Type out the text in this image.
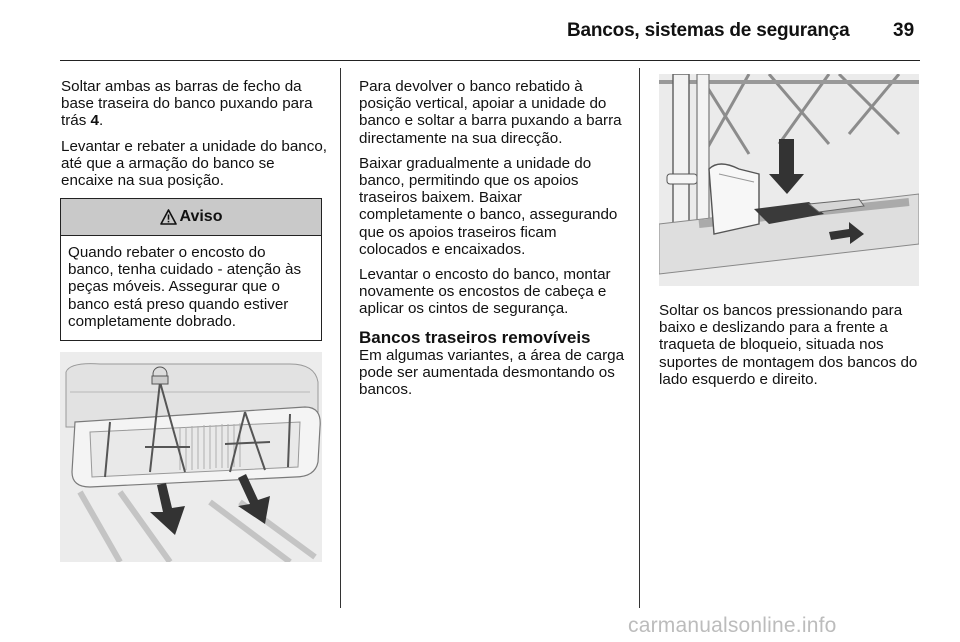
Bancos, sistemas de segurança 39

Soltar ambas as barras de fecho da base traseira do banco puxando para trás 4.

Levantar e rebater a unidade do banco, até que a armação do banco se encaixe na sua posição.

Aviso
Quando rebater o encosto do banco, tenha cuidado - atenção às peças móveis. Assegurar que o banco está preso quando estiver completamente dobrado.

Para devolver o banco rebatido à posição vertical, apoiar a unidade do banco e soltar a barra puxando a barra directamente na sua direcção.

Baixar gradualmente a unidade do banco, permitindo que os apoios traseiros baixem. Baixar completamente o banco, assegurando que os apoios traseiros ficam colocados e encaixados.

Levantar o encosto do banco, montar novamente os encostos de cabeça e aplicar os cintos de segurança.

Bancos traseiros removíveis

Em algumas variantes, a área de carga pode ser aumentada desmontando os bancos.

Soltar os bancos pressionando para baixo e deslizando para a frente a traqueta de bloqueio, situada nos suportes de montagem dos bancos do lado esquerdo e direito.

carmanualsonline.info
